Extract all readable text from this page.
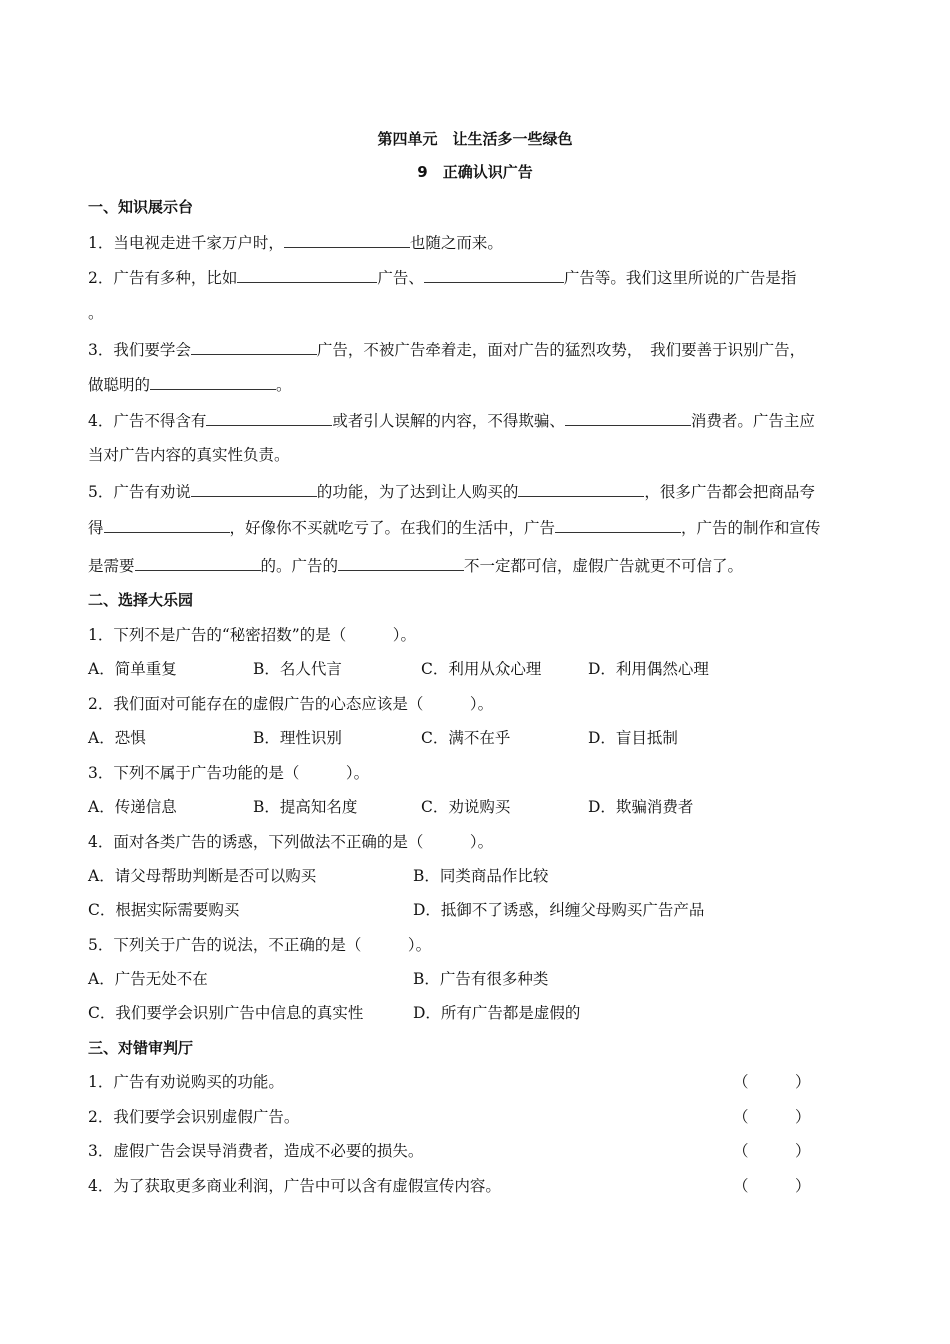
第四单元　让生活多一些绿色
9　正确认识广告
一、知识展示台
二、选择大乐园
三、对错审判厅
1．当电视走进千家万户时，	也随之而来。
2．广告有多种，比如	广告、	广告等。我们这里所说的广告是指
。
3．我们要学会	广告，不被广告牵着走，面对广告的猛烈攻势，　我们要善于识别广告，
做聪明的	。
4．广告不得含有	或者引人误解的内容，不得欺骗、	消费者。广告主应
当对广告内容的真实性负责。
5．广告有劝说	的功能，为了达到让人购买的	，很多广告都会把商品夸
得	，好像你不买就吃亏了。在我们的生活中，广告	，广告的制作和宣传
是需要	的。广告的	不一定都可信，虚假广告就更不可信了。
1．下列不是广告的“秘密招数”的是（　　　）。
A．简单重复	B．名人代言	C．利用从众心理	D．利用偶然心理
2．我们面对可能存在的虚假广告的心态应该是（　　　）。
A．恐惧	B．理性识别	C．满不在乎	D．盲目抵制
3．下列不属于广告功能的是（　　　）。
A．传递信息	B．提高知名度	C．劝说购买	D．欺骗消费者
4．面对各类广告的诱惑，下列做法不正确的是（　　　）。
A．请父母帮助判断是否可以购买	B．同类商品作比较
C．根据实际需要购买	D．抵御不了诱惑，纠缠父母购买广告产品
5．下列关于广告的说法，不正确的是（　　　）。
A．广告无处不在	B．广告有很多种类
C．我们要学会识别广告中信息的真实性	D．所有广告都是虚假的
1．广告有劝说购买的功能。	（　　　）
2．我们要学会识别虚假广告。	（　　　）
3．虚假广告会误导消费者，造成不必要的损失。	（　　　）
4．为了获取更多商业利润，广告中可以含有虚假宣传内容。	（　　　）
